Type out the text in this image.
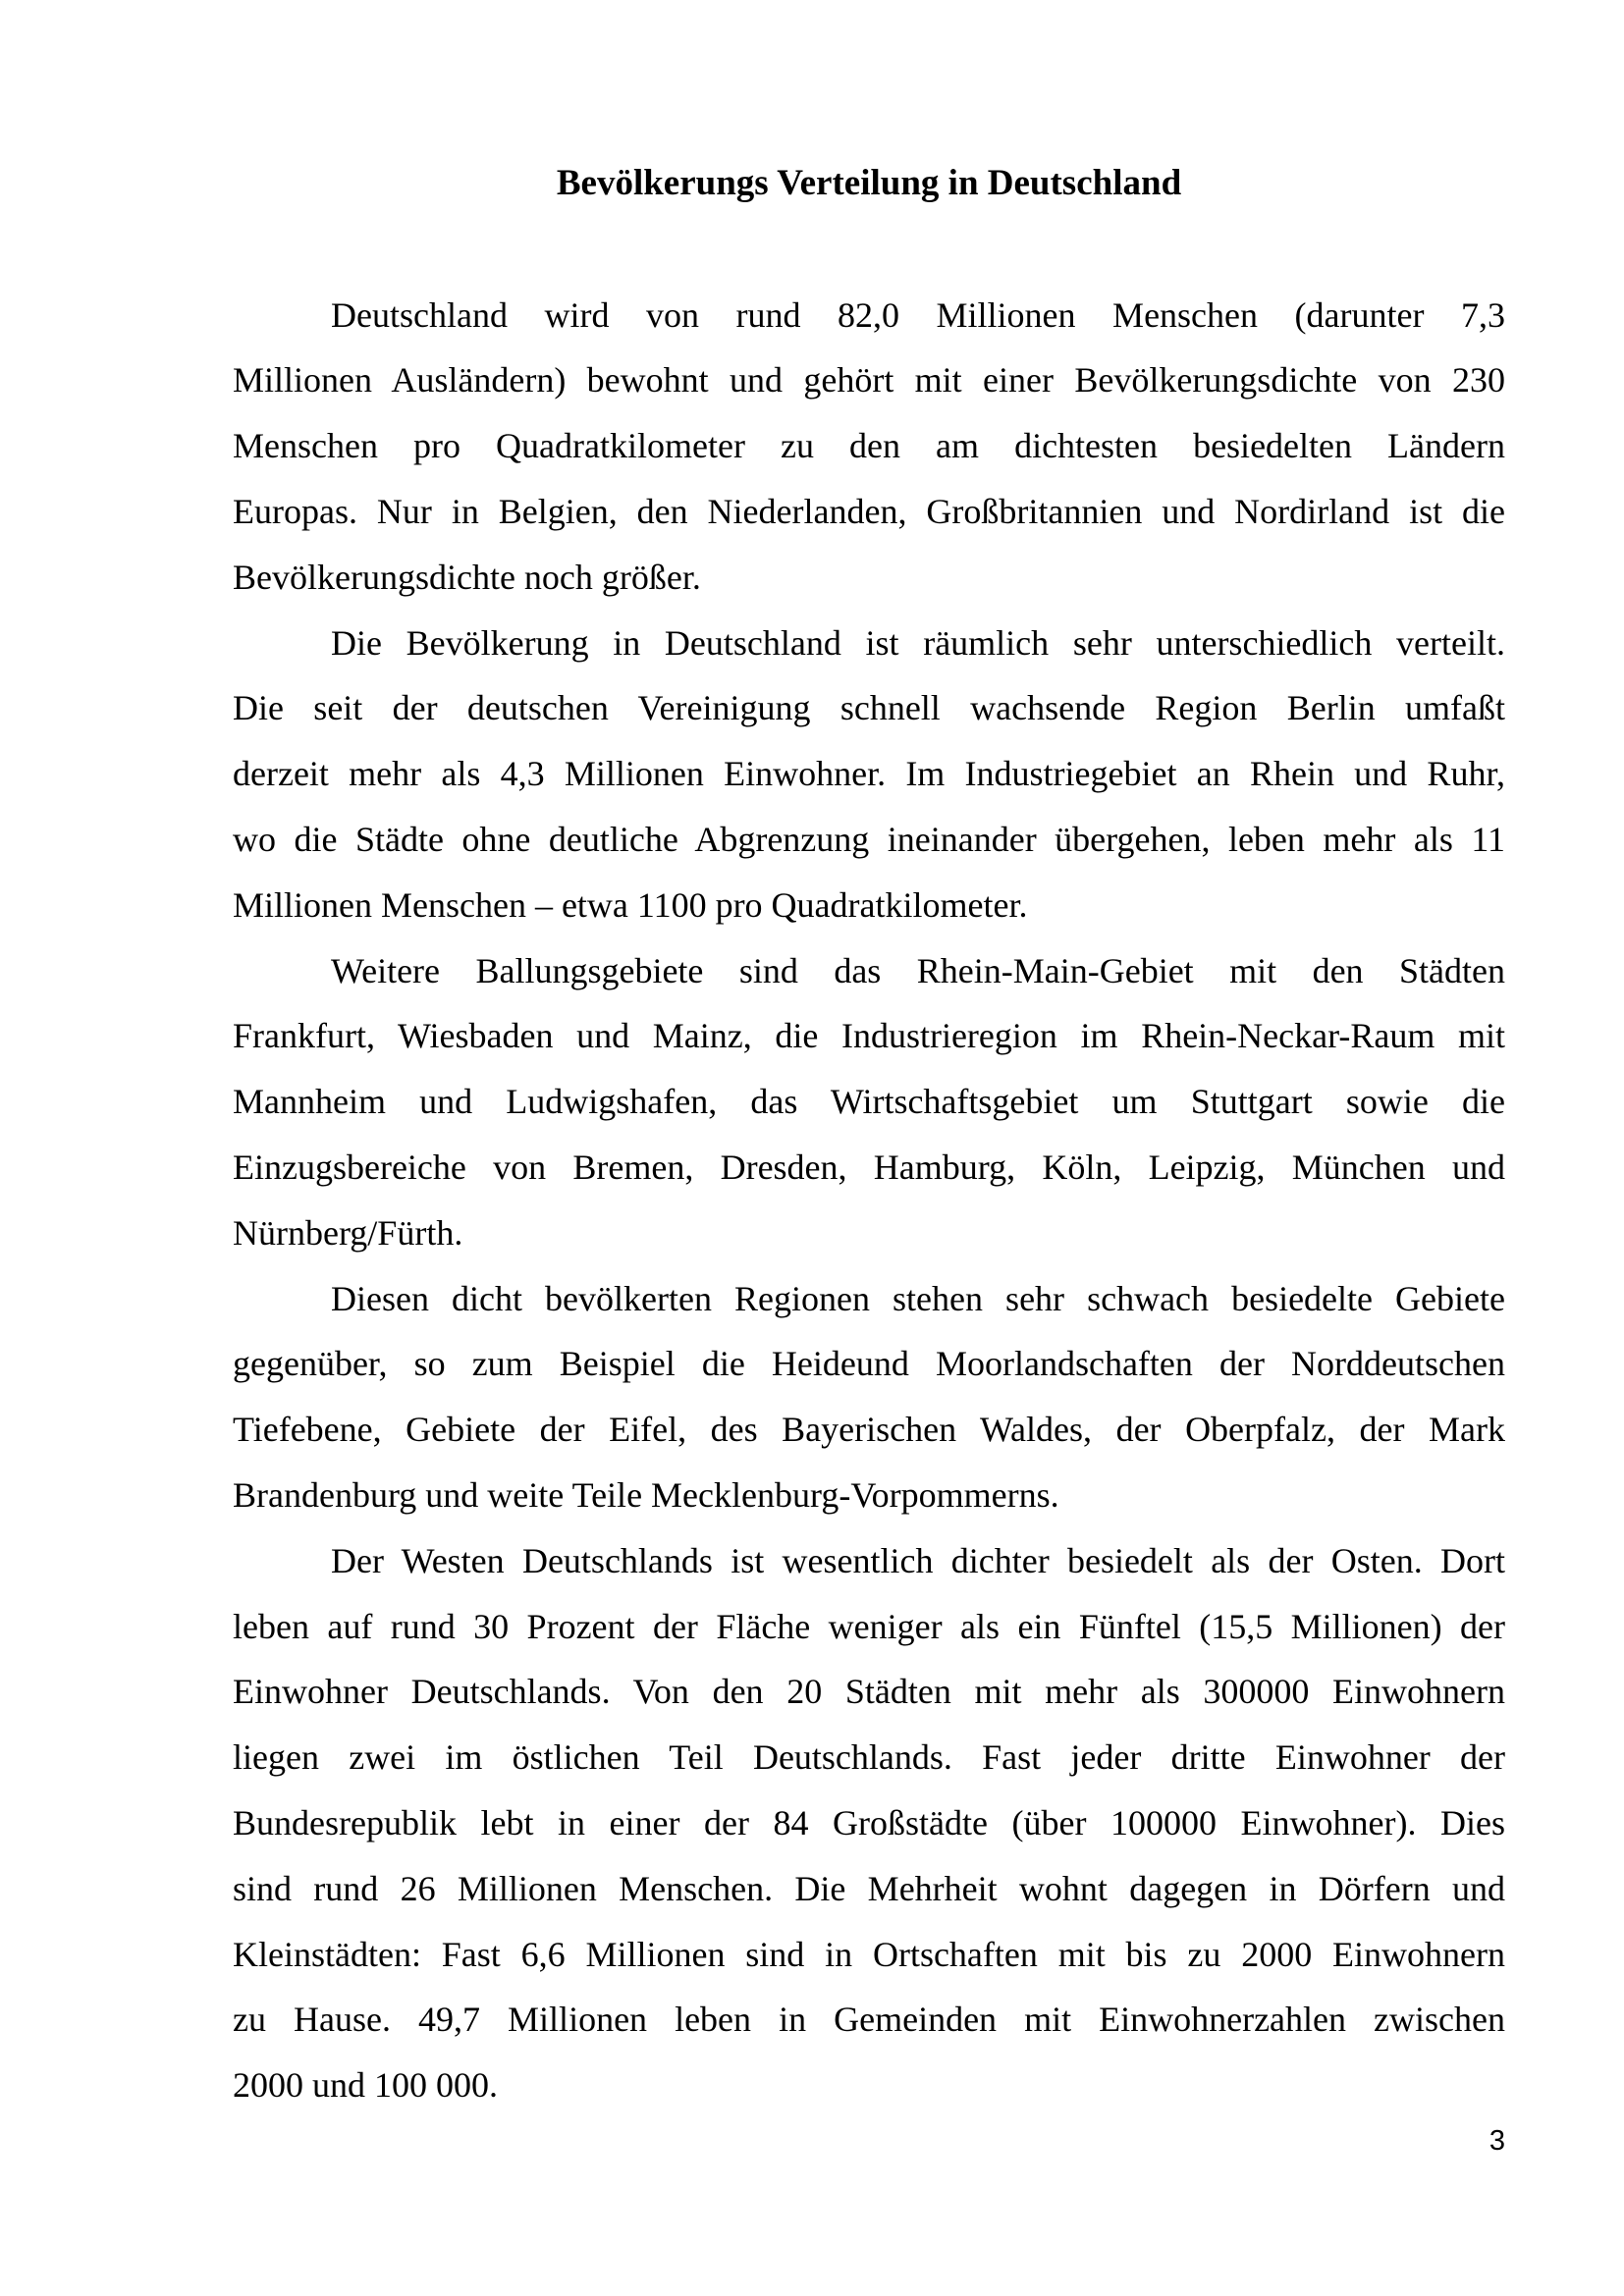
Bevölkerungs Verteilung in Deutschland
Deutschland wird von rund 82,0 Millionen Menschen (darunter 7,3
Millionen Ausländern) bewohnt und gehört mit einer Bevölkerungsdichte von 230
Menschen pro Quadratkilometer zu den am dichtesten besiedelten Ländern
Europas. Nur in Belgien, den Niederlanden, Großbritannien und Nordirland ist die
Bevölkerungsdichte noch größer.
Die Bevölkerung in Deutschland ist räumlich sehr unterschiedlich verteilt.
Die seit der deutschen Vereinigung schnell wachsende Region Berlin umfaßt
derzeit mehr als 4,3 Millionen Einwohner. Im Industriegebiet an Rhein und Ruhr,
wo die Städte ohne deutliche Abgrenzung ineinander übergehen, leben mehr als 11
Millionen Menschen – etwa 1100 pro Quadratkilometer.
Weitere Ballungsgebiete sind das Rhein-Main-Gebiet mit den Städten
Frankfurt, Wiesbaden und Mainz, die Industrieregion im Rhein-Neckar-Raum mit
Mannheim und Ludwigshafen, das Wirtschaftsgebiet um Stuttgart sowie die
Einzugsbereiche von Bremen, Dresden, Hamburg, Köln, Leipzig, München und
Nürnberg/Fürth.
Diesen dicht bevölkerten Regionen stehen sehr schwach besiedelte Gebiete
gegenüber, so zum Beispiel die Heideund Moorlandschaften der Norddeutschen
Tiefebene, Gebiete der Eifel, des Bayerischen Waldes, der Oberpfalz, der Mark
Brandenburg und weite Teile Mecklenburg-Vorpommerns.
Der Westen Deutschlands ist wesentlich dichter besiedelt als der Osten. Dort
leben auf rund 30 Prozent der Fläche weniger als ein Fünftel (15,5 Millionen) der
Einwohner Deutschlands. Von den 20 Städten mit mehr als 300000 Einwohnern
liegen zwei im östlichen Teil Deutschlands. Fast jeder dritte Einwohner der
Bundesrepublik lebt in einer der 84 Großstädte (über 100000 Einwohner). Dies
sind rund 26 Millionen Menschen. Die Mehrheit wohnt dagegen in Dörfern und
Kleinstädten: Fast 6,6 Millionen sind in Ortschaften mit bis zu 2000 Einwohnern
zu Hause. 49,7 Millionen leben in Gemeinden mit Einwohnerzahlen zwischen
2000 und 100 000.
3
